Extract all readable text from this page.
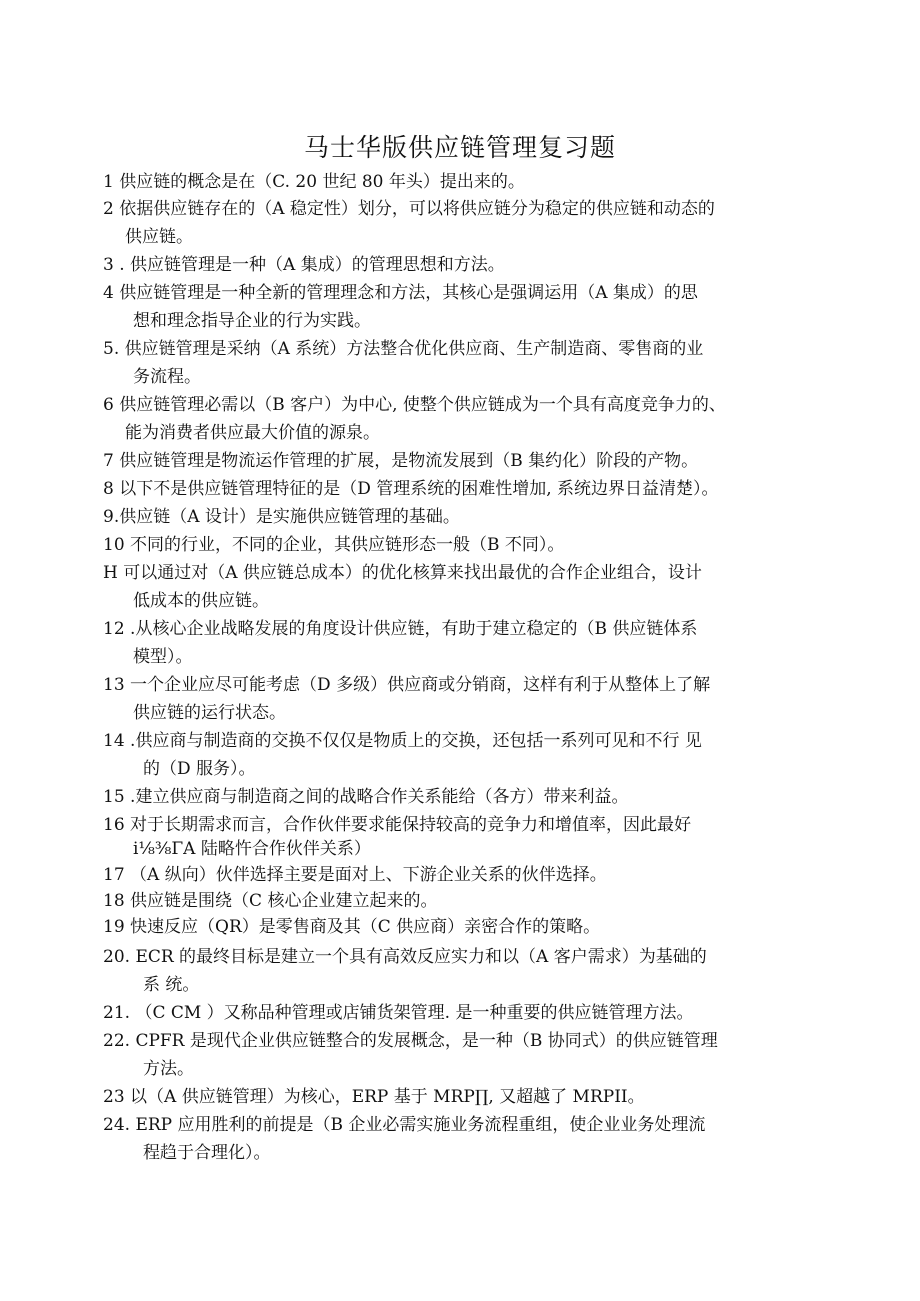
马士华版供应链管理复习题
1 供应链的概念是在（C. 20 世纪 80 年头）提出来的。
2 依据供应链存在的（A 稳定性）划分，可以将供应链分为稳定的供应链和动态的
供应链。
3 . 供应链管理是一种（A 集成）的管理思想和方法。
4 供应链管理是一种全新的管理理念和方法，其核心是强调运用（A 集成）的思
想和理念指导企业的行为实践。
5. 供应链管理是采纳（A 系统）方法整合优化供应商、生产制造商、零售商的业
务流程。
6 供应链管理必需以（B 客户）为中心, 使整个供应链成为一个具有高度竞争力的、
能为消费者供应最大价值的源泉。
7 供应链管理是物流运作管理的扩展，是物流发展到（B 集约化）阶段的产物。
8 以下不是供应链管理特征的是（D 管理系统的困难性增加, 系统边界日益清楚）。
9.供应链（A 设计）是实施供应链管理的基础。
10 不同的行业，不同的企业，其供应链形态一般（B 不同）。
H 可以通过对（A 供应链总成本）的优化核算来找出最优的合作企业组合，设计
低成本的供应链。
12 .从核心企业战略发展的角度设计供应链，有助于建立稳定的（B 供应链体系
模型）。
13 一个企业应尽可能考虑（D 多级）供应商或分销商，这样有利于从整体上了解
供应链的运行状态。
14 .供应商与制造商的交换不仅仅是物质上的交换，还包括一系列可见和不行 见
的（D 服务）。
15 .建立供应商与制造商之间的战略合作关系能给（各方）带来利益。
16 对于长期需求而言，合作伙伴要求能保持较高的竞争力和增值率，因此最好
i⅛⅜ΓA 陆略忤合作伙伴关系）
17 （A 纵向）伙伴选择主要是面对上、下游企业关系的伙伴选择。
18 供应链是围绕（C 核心企业建立起来的。
19 快速反应（QR）是零售商及其（C 供应商）亲密合作的策略。
20. ECR 的最终目标是建立一个具有高效反应实力和以（A 客户需求）为基础的
系 统。
21. （C CM ）又称品种管理或店铺货架管理. 是一种重要的供应链管理方法。
22. CPFR 是现代企业供应链整合的发展概念，是一种（B 协同式）的供应链管理
方法。
23 以（A 供应链管理）为核心，ERP 基于 MRP∏, 又超越了 MRPII。
24. ERP 应用胜利的前提是（B 企业必需实施业务流程重组，使企业业务处理流
程趋于合理化）。
